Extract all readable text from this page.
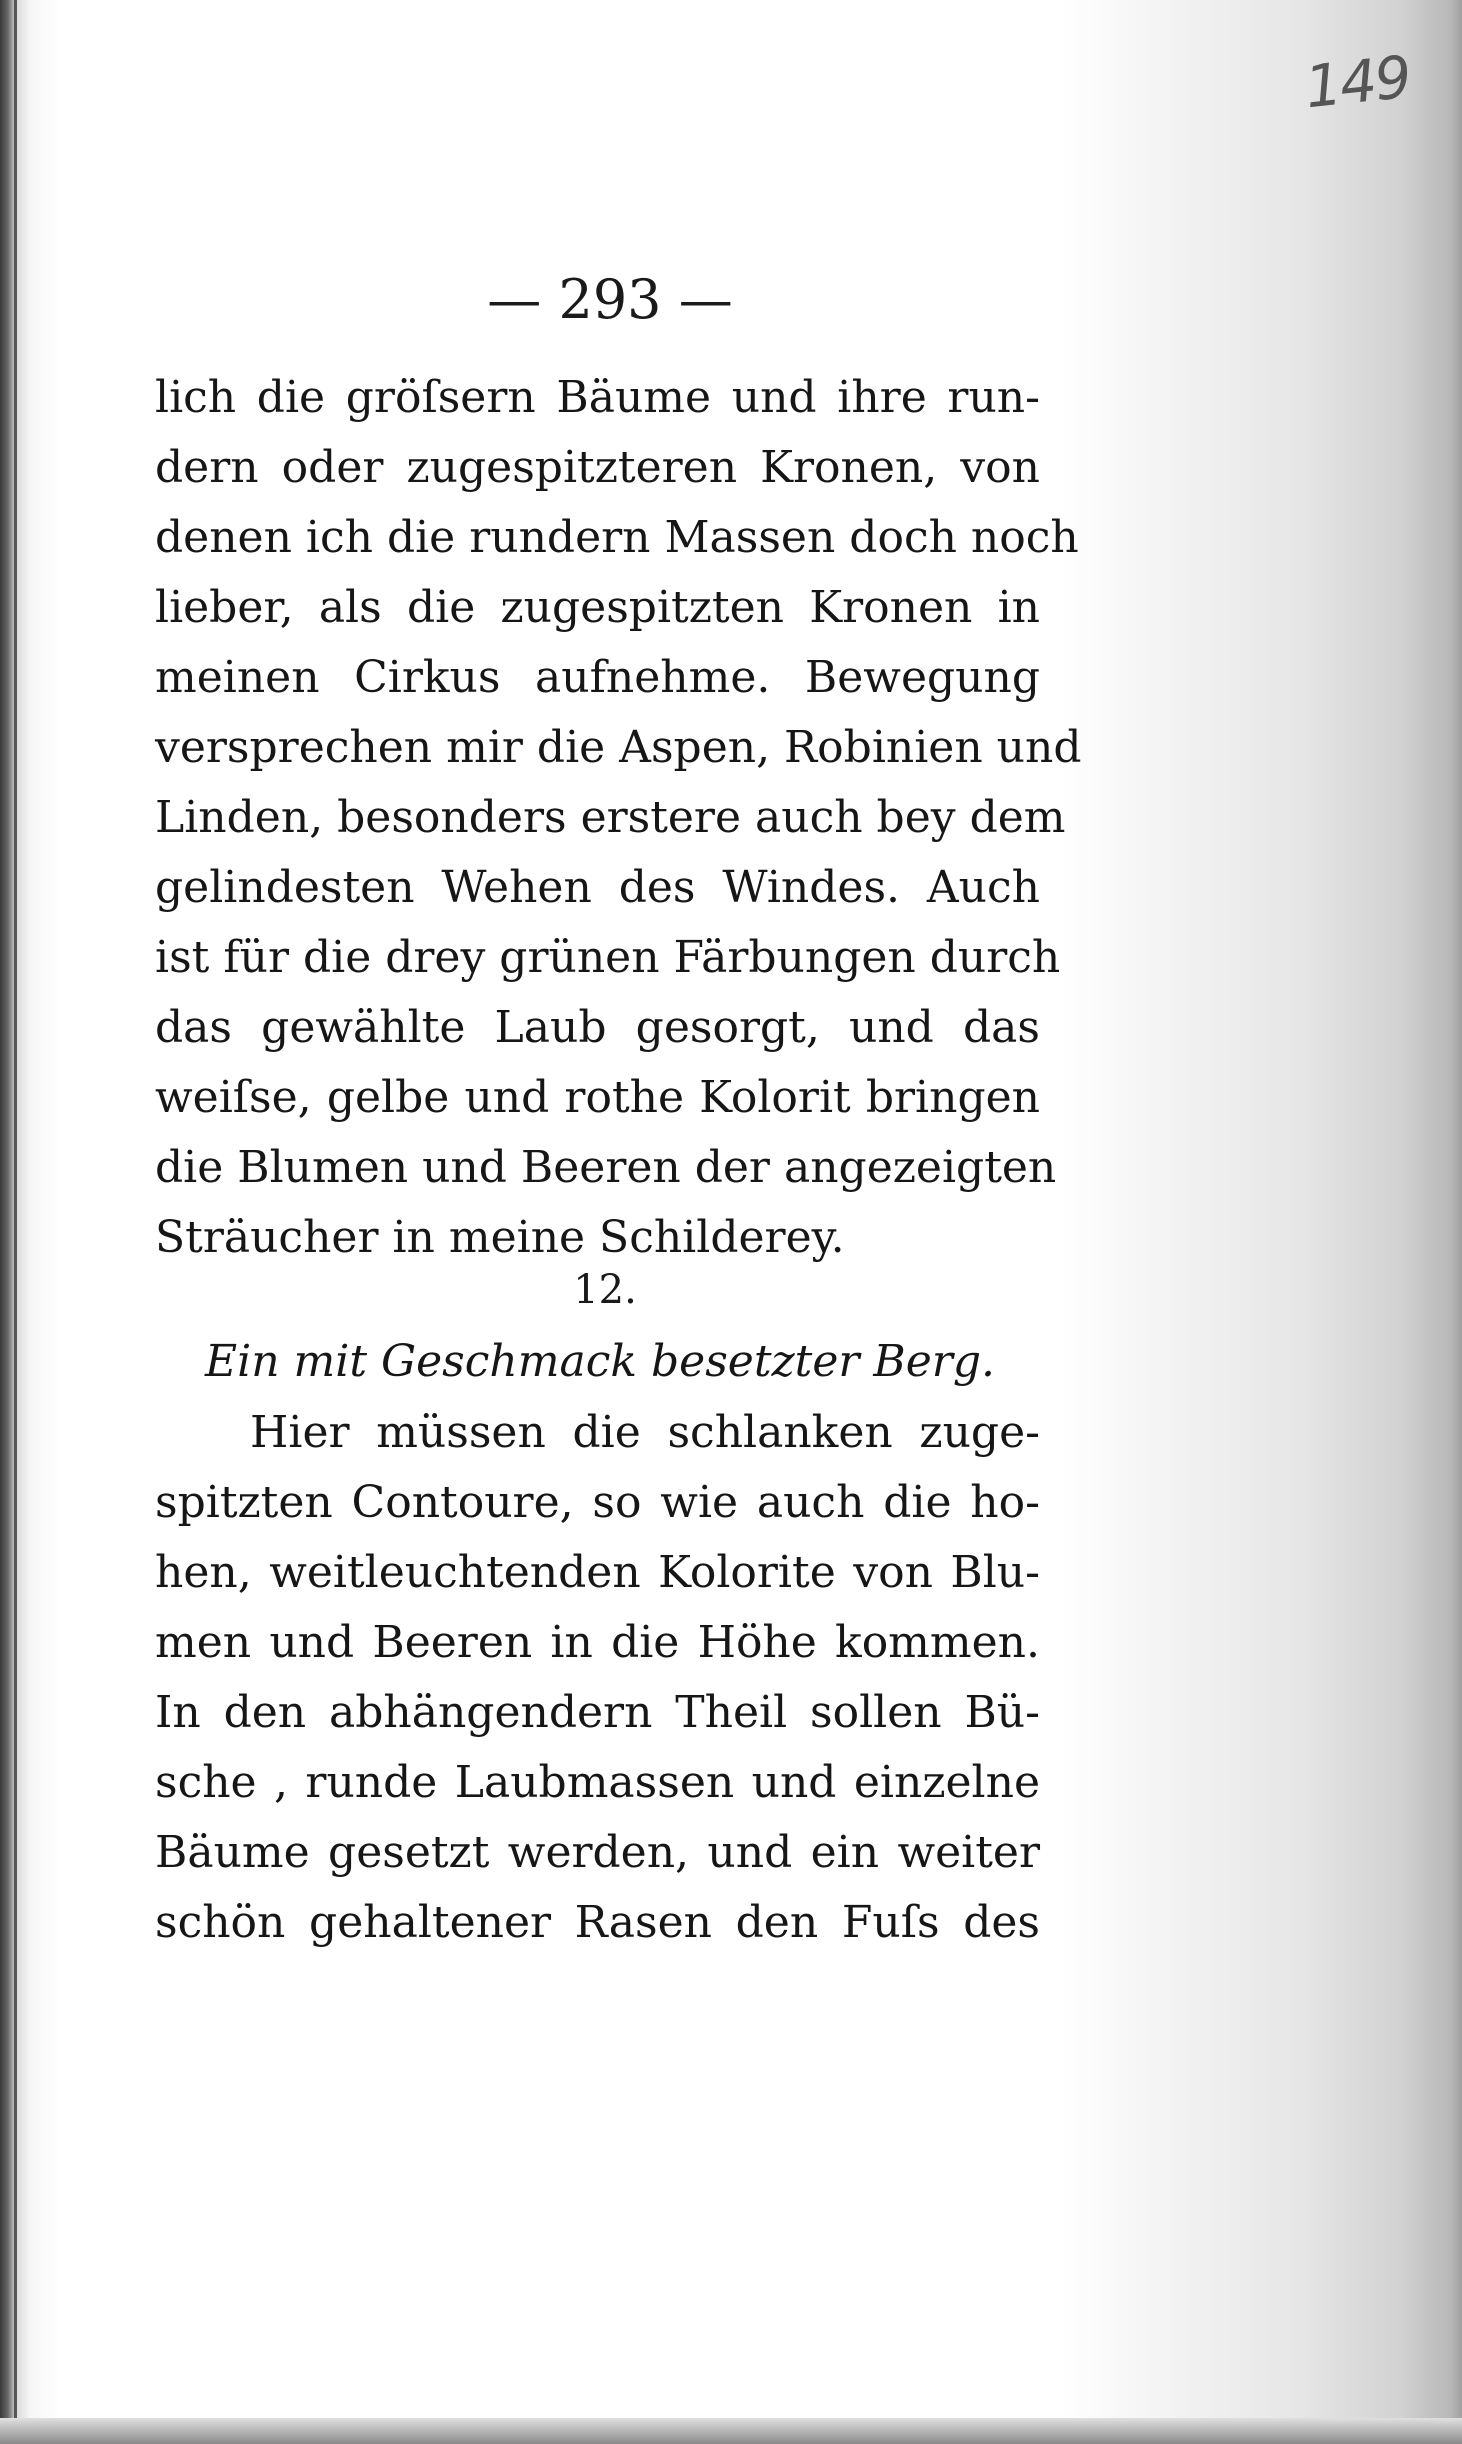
149
— 293 —
lich die gröſsern Bäume und ihre run-
dern oder zugespitzteren Kronen, von
denen ich die rundern Massen doch noch
lieber, als die zugespitzten Kronen in
meinen Cirkus aufnehme. Bewegung
versprechen mir die Aspen, Robinien und
Linden, besonders erstere auch bey dem
gelindesten Wehen des Windes. Auch
ist für die drey grünen Färbungen durch
das gewählte Laub gesorgt, und das
weiſse, gelbe und rothe Kolorit bringen
die Blumen und Beeren der angezeigten
Sträucher in meine Schilderey.
12.
Ein mit Geschmack besetzter Berg.
Hier müssen die schlanken zuge-
spitzten Contoure, so wie auch die ho-
hen, weitleuchtenden Kolorite von Blu-
men und Beeren in die Höhe kommen.
In den abhängendern Theil sollen Bü-
sche , runde Laubmassen und einzelne
Bäume gesetzt werden, und ein weiter
schön gehaltener Rasen den Fuſs des
